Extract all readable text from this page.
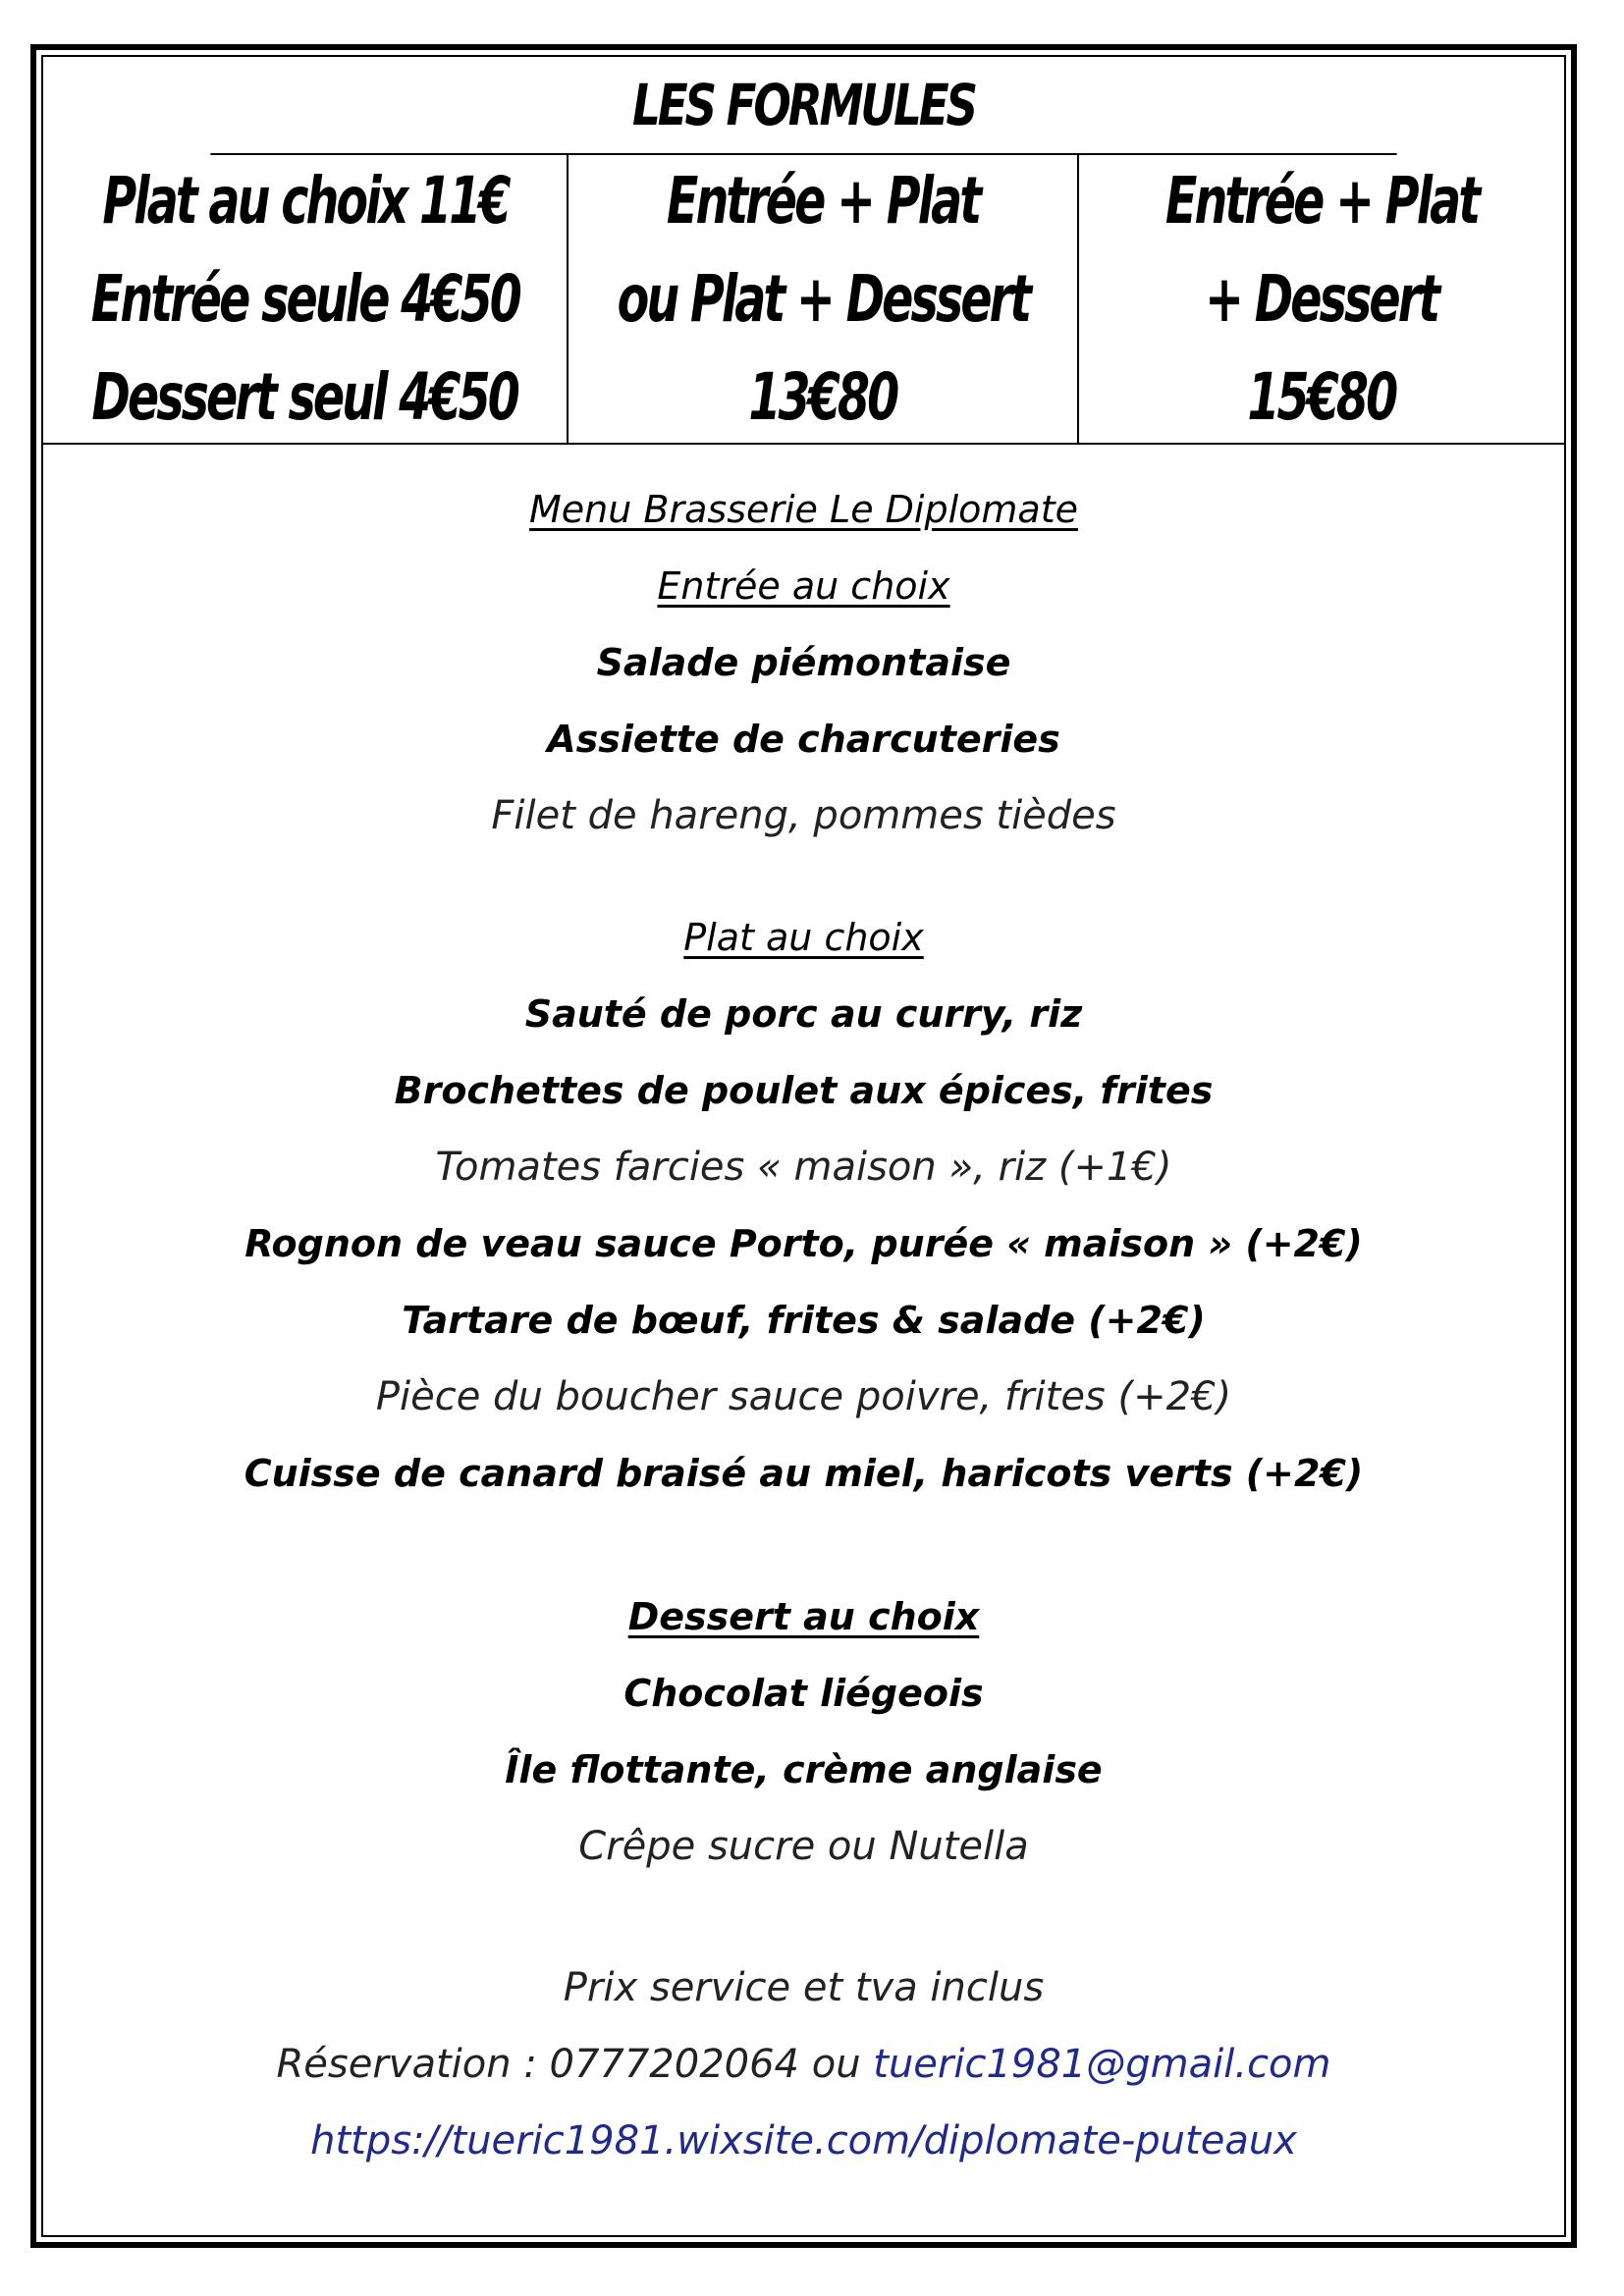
LES FORMULES
Plat au choix 11€
Entrée seule 4€50
Dessert seul 4€50
Entrée + Plat
ou Plat + Dessert
13€80
Entrée + Plat
+ Dessert
15€80
Menu Brasserie Le Diplomate
Entrée au choix
Salade piémontaise
Assiette de charcuteries
Filet de hareng, pommes tièdes
Plat au choix
Sauté de porc au curry, riz
Brochettes de poulet aux épices, frites
Tomates farcies « maison », riz (+1€)
Rognon de veau sauce Porto, purée « maison » (+2€)
Tartare de bœuf, frites & salade (+2€)
Pièce du boucher sauce poivre, frites (+2€)
Cuisse de canard braisé au miel, haricots verts (+2€)
Dessert au choix
Chocolat liégeois
Île flottante, crème anglaise
Crêpe sucre ou Nutella
Prix service et tva inclus
Réservation : 0777202064 ou tueric1981@gmail.com
https://tueric1981.wixsite.com/diplomate-puteaux
